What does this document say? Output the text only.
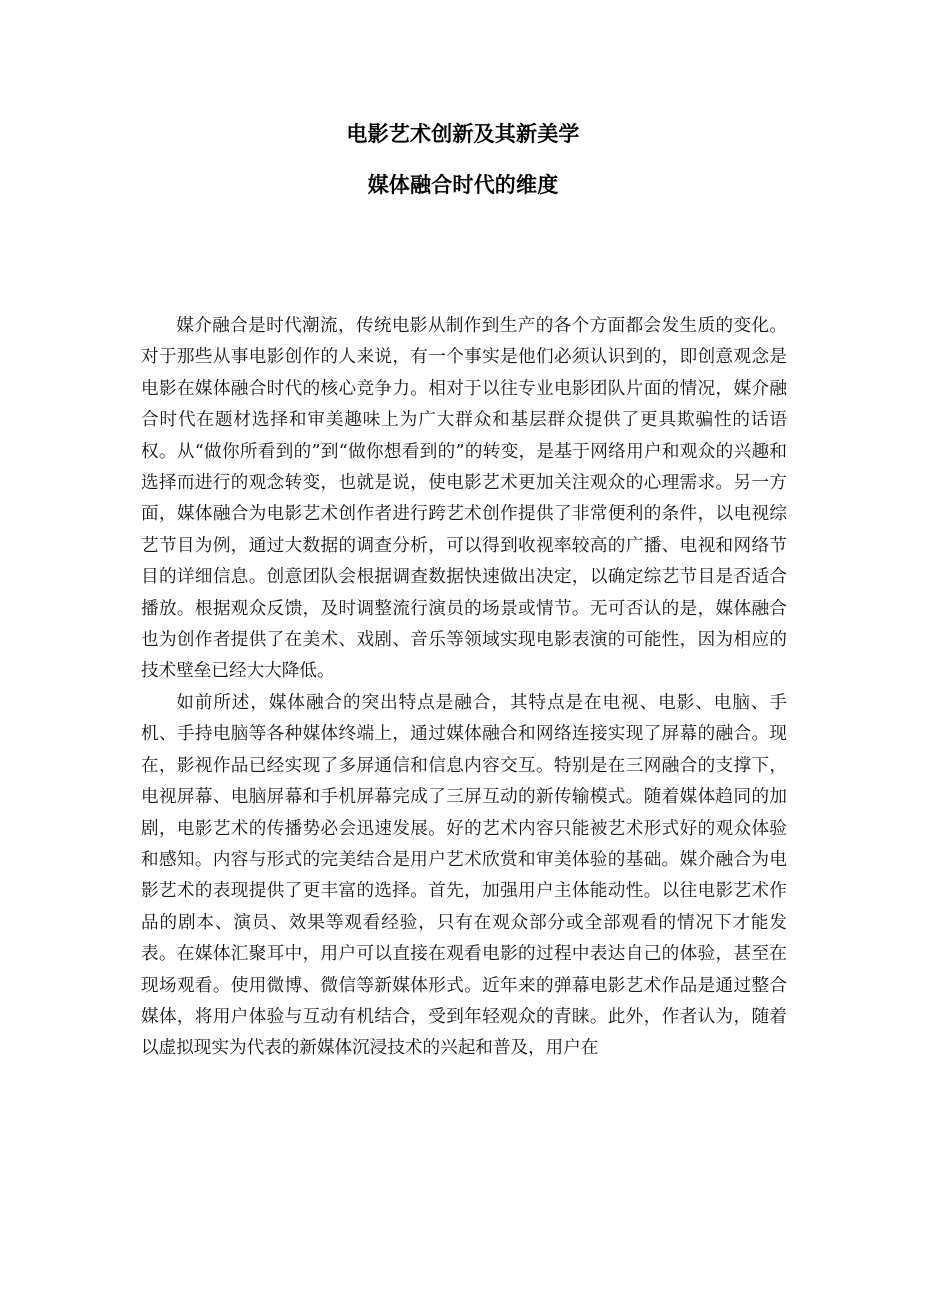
电影艺术创新及其新美学
媒体融合时代的维度

媒介融合是时代潮流，传统电影从制作到生产的各个方面都会发生质的变化。对于那些从事电影创作的人来说，有一个事实是他们必须认识到的，即创意观念是电影在媒体融合时代的核心竞争力。相对于以往专业电影团队片面的情况，媒介融合时代在题材选择和审美趣味上为广大群众和基层群众提供了更具欺骗性的话语权。从“做你所看到的”到“做你想看到的”的转变，是基于网络用户和观众的兴趣和选择而进行的观念转变，也就是说，使电影艺术更加关注观众的心理需求。另一方面，媒体融合为电影艺术创作者进行跨艺术创作提供了非常便利的条件，以电视综艺节目为例，通过大数据的调查分析，可以得到收视率较高的广播、电视和网络节目的详细信息。创意团队会根据调查数据快速做出决定，以确定综艺节目是否适合播放。根据观众反馈，及时调整流行演员的场景或情节。无可否认的是，媒体融合也为创作者提供了在美术、戏剧、音乐等领域实现电影表演的可能性，因为相应的技术壁垒已经大大降低。

如前所述，媒体融合的突出特点是融合，其特点是在电视、电影、电脑、手机、手持电脑等各种媒体终端上，通过媒体融合和网络连接实现了屏幕的融合。现在，影视作品已经实现了多屏通信和信息内容交互。特别是在三网融合的支撑下，电视屏幕、电脑屏幕和手机屏幕完成了三屏互动的新传输模式。随着媒体趋同的加剧，电影艺术的传播势必会迅速发展。好的艺术内容只能被艺术形式好的观众体验和感知。内容与形式的完美结合是用户艺术欣赏和审美体验的基础。媒介融合为电影艺术的表现提供了更丰富的选择。首先，加强用户主体能动性。以往电影艺术作品的剧本、演员、效果等观看经验，只有在观众部分或全部观看的情况下才能发表。在媒体汇聚耳中，用户可以直接在观看电影的过程中表达自己的体验，甚至在现场观看。使用微博、微信等新媒体形式。近年来的弹幕电影艺术作品是通过整合媒体，将用户体验与互动有机结合，受到年轻观众的青睐。此外，作者认为，随着以虚拟现实为代表的新媒体沉浸技术的兴起和普及，用户在
